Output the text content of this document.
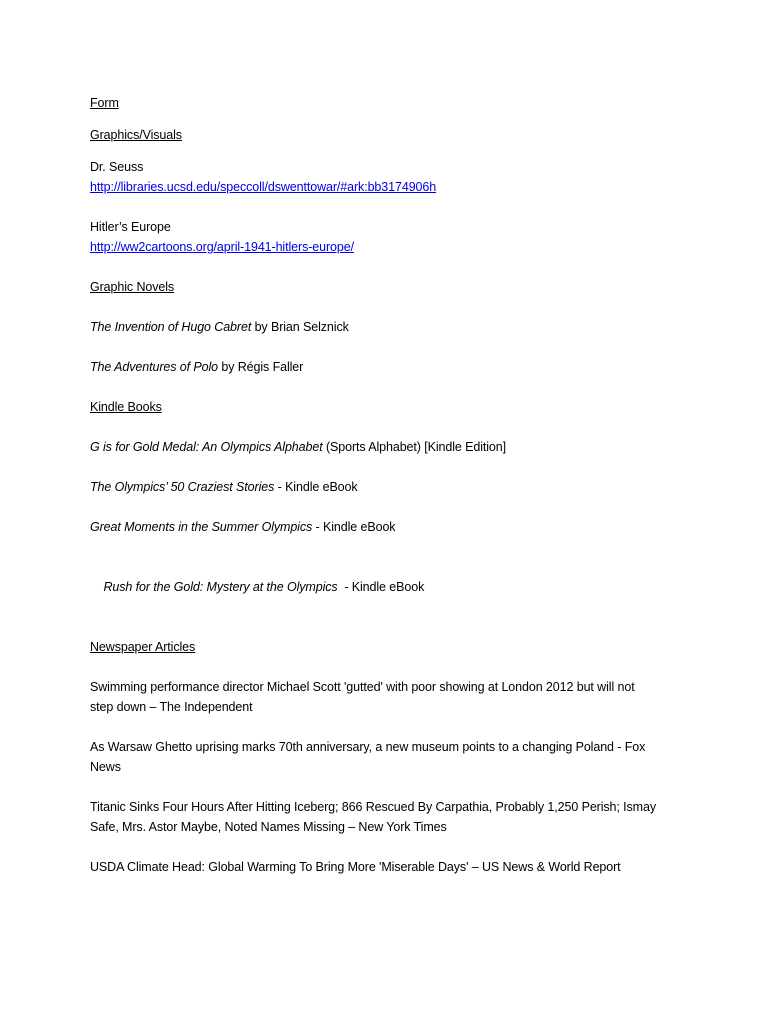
Form

Graphics/Visuals

Dr. Seuss

http://libraries.ucsd.edu/speccoll/dswenttowar/#ark:bb3174906h

Hitler’s Europe

http://ww2cartoons.org/april-1941-hitlers-europe/

Graphic Novels

The Invention of Hugo Cabret by Brian Selznick

The Adventures of Polo by Régis Faller

Kindle Books

G is for Gold Medal: An Olympics Alphabet (Sports Alphabet) [Kindle Edition]

The Olympics’ 50 Craziest Stories - Kindle eBook

Great Moments in the Summer Olympics - Kindle eBook

Rush for the Gold: Mystery at the Olympics  - Kindle eBook

Newspaper Articles

Swimming performance director Michael Scott 'gutted' with poor showing at London 2012 but will not

step down – The Independent

As Warsaw Ghetto uprising marks 70th anniversary, a new museum points to a changing Poland - Fox

News

Titanic Sinks Four Hours After Hitting Iceberg; 866 Rescued By Carpathia, Probably 1,250 Perish; Ismay

Safe, Mrs. Astor Maybe, Noted Names Missing – New York Times

USDA Climate Head: Global Warming To Bring More 'Miserable Days' – US News & World Report
